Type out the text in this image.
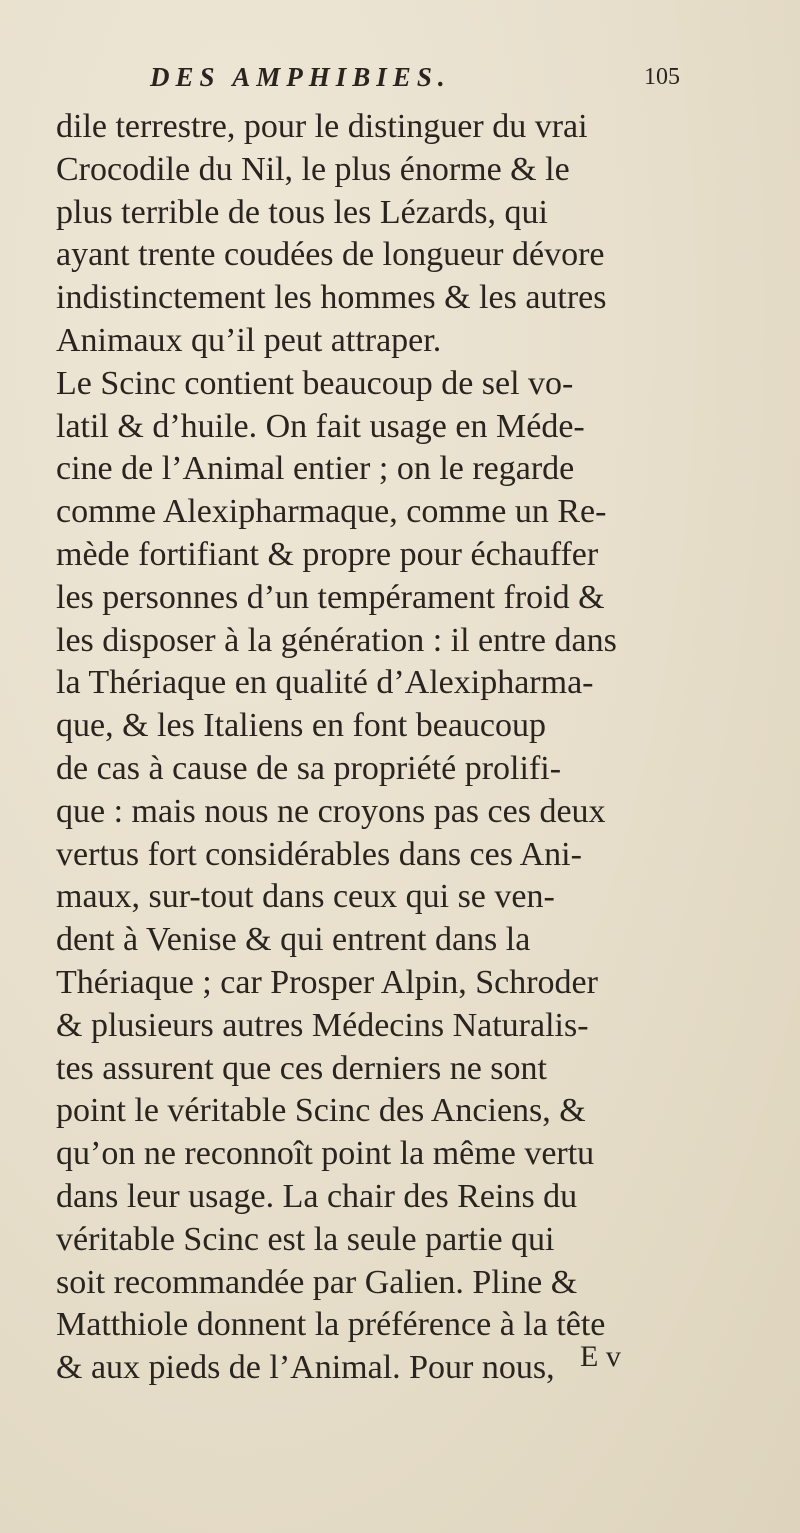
DES AMPHIBIES.	105
dile terrestre, pour le distinguer du vrai
Crocodile du Nil, le plus énorme & le
plus terrible de tous les Lézards, qui
ayant trente coudées de longueur dévore
indistinctement les hommes & les autres
Animaux qu’il peut attraper.
Le Scinc contient beaucoup de sel vo-
latil & d’huile. On fait usage en Méde-
cine de l’Animal entier ; on le regarde
comme Alexipharmaque, comme un Re-
mède fortifiant & propre pour échauffer
les personnes d’un tempérament froid &
les disposer à la génération : il entre dans
la Thériaque en qualité d’Alexipharma-
que, & les Italiens en font beaucoup
de cas à cause de sa propriété prolifi-
que : mais nous ne croyons pas ces deux
vertus fort considérables dans ces Ani-
maux, sur-tout dans ceux qui se ven-
dent à Venise & qui entrent dans la
Thériaque ; car Prosper Alpin, Schroder
& plusieurs autres Médecins Naturalis-
tes assurent que ces derniers ne sont
point le véritable Scinc des Anciens, &
qu’on ne reconnoît point la même vertu
dans leur usage. La chair des Reins du
véritable Scinc est la seule partie qui
soit recommandée par Galien. Pline &
Matthiole donnent la préférence à la tête
& aux pieds de l’Animal. Pour nous, E v
